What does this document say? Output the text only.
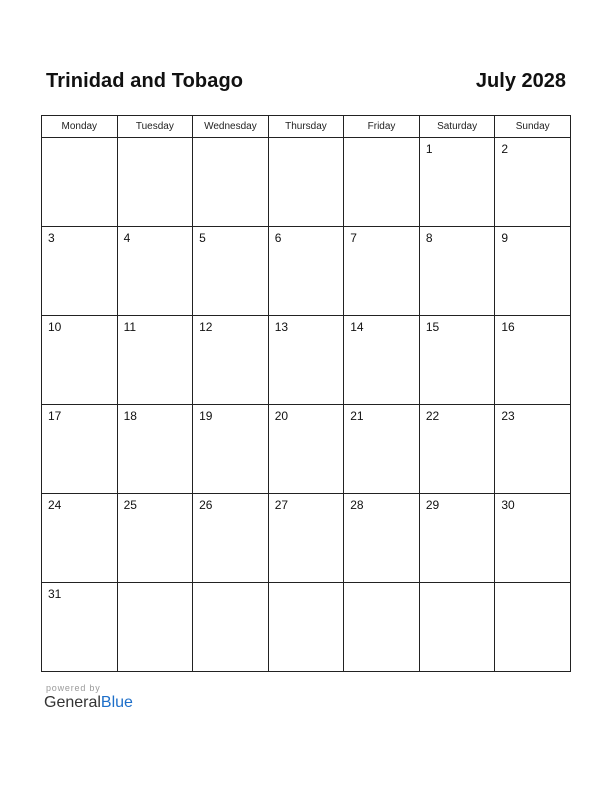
Trinidad and Tobago	July 2028
Monday	Tuesday	Wednesday	Thursday	Friday	Saturday	Sunday

					1	2

3	4	5	6	7	8	9

10	11	12	13	14	15	16

17	18	19	20	21	22	23

24	25	26	27	28	29	30

31						

powered by
GeneralBlue
